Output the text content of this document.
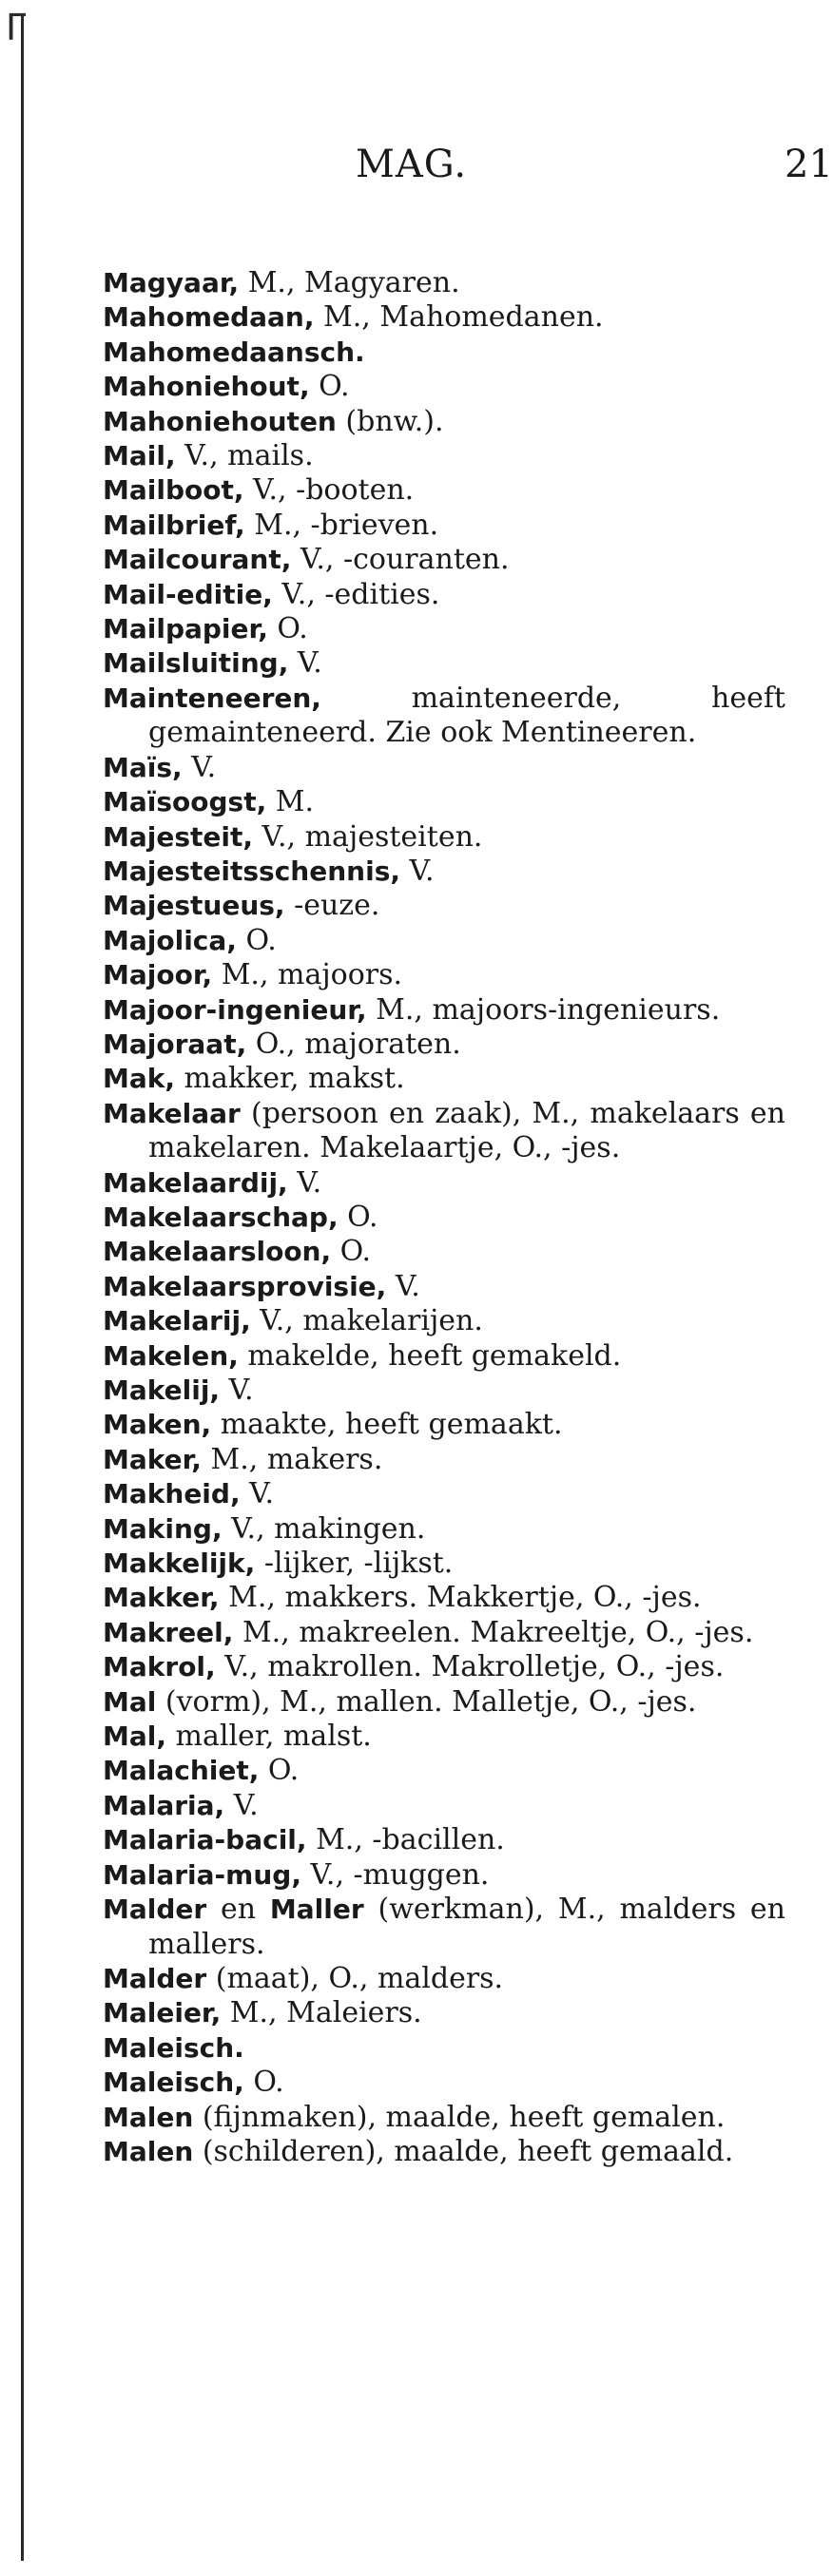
Γ
MAG.	21

Magyaar, M., Magyaren.

Mahomedaan, M., Mahomedanen.

Mahomedaansch.

Mahoniehout, O.

Mahoniehouten (bnw.).

Mail, V., mails.

Mailboot, V., -booten.

Mailbrief, M., -brieven.

Mailcourant, V., -couranten.

Mail-editie, V., -edities.

Mailpapier, O.

Mailsluiting, V.

Mainteneeren, mainteneerde, heeft gemainteneerd. Zie ook Mentineeren.

Maïs, V.

Maïsoogst, M.

Majesteit, V., majesteiten.

Majesteitsschennis, V.

Majestueus, -euze.

Majolica, O.

Majoor, M., majoors.

Majoor-ingenieur, M., majoors-ingenieurs.

Majoraat, O., majoraten.

Mak, makker, makst.

Makelaar (persoon en zaak), M., makelaars en makelaren. Makelaartje, O., -jes.

Makelaardij, V.

Makelaarschap, O.

Makelaarsloon, O.

Makelaarsprovisie, V.

Makelarij, V., makelarijen.

Makelen, makelde, heeft gemakeld.

Makelij, V.

Maken, maakte, heeft gemaakt.

Maker, M., makers.

Makheid, V.

Making, V., makingen.

Makkelijk, -lijker, -lijkst.

Makker, M., makkers. Makkertje, O., -jes.

Makreel, M., makreelen. Makreeltje, O., -jes.

Makrol, V., makrollen. Makrolletje, O., -jes.

Mal (vorm), M., mallen. Malletje, O., -jes.

Mal, maller, malst.

Malachiet, O.

Malaria, V.

Malaria-bacil, M., -bacillen.

Malaria-mug, V., -muggen.

Malder en Maller (werkman), M., malders en mallers.

Malder (maat), O., malders.

Maleier, M., Maleiers.

Maleisch.

Maleisch, O.

Malen (fijnmaken), maalde, heeft gemalen.

Malen (schilderen), maalde, heeft gemaald.
